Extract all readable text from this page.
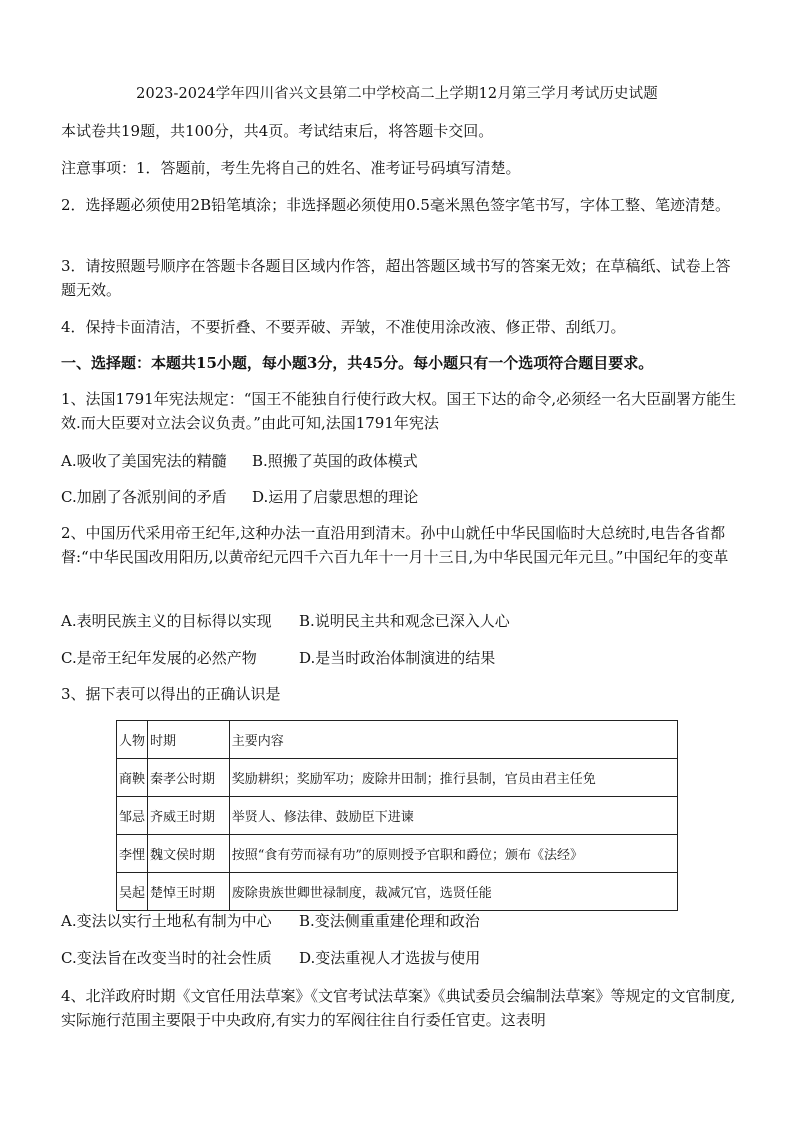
2023-2024学年四川省兴文县第二中学校高二上学期12月第三学月考试历史试题
本试卷共19题，共100分，共4页。考试结束后，将答题卡交回。
注意事项：1．答题前，考生先将自己的姓名、准考证号码填写清楚。
2．选择题必须使用2B铅笔填涂；非选择题必须使用0.5毫米黑色签字笔书写，字体工整、笔迹清楚。
3．请按照题号顺序在答题卡各题目区域内作答，超出答题区域书写的答案无效；在草稿纸、试卷上答题无效。
4．保持卡面清洁，不要折叠、不要弄破、弄皱，不准使用涂改液、修正带、刮纸刀。
一、选择题：本题共15小题，每小题3分，共45分。每小题只有一个选项符合题目要求。
1、法国1791年宪法规定：“国王不能独自行使行政大权。国王下达的命令,必须经一名大臣副署方能生效.而大臣要对立法会议负责。”由此可知,法国1791年宪法
A.吸收了美国宪法的精髓 B.照搬了英国的政体模式
C.加剧了各派别间的矛盾 D.运用了启蒙思想的理论
2、中国历代采用帝王纪年,这种办法一直沿用到清末。孙中山就任中华民国临时大总统时,电告各省都督:“中华民国改用阳历,以黄帝纪元四千六百九年十一月十三日,为中华民国元年元旦。”中国纪年的变革
A.表明民族主义的目标得以实现 B.说明民主共和观念已深入人心
C.是帝王纪年发展的必然产物	D.是当时政治体制演进的结果
3、据下表可以得出的正确认识是
人物	时期	主要内容
商鞅	秦孝公时期	奖励耕织；奖励军功；废除井田制；推行县制，官员由君主任免
邹忌	齐威王时期	举贤人、修法律、鼓励臣下进谏
李悝	魏文侯时期	按照“食有劳而禄有功”的原则授予官职和爵位；颁布《法经》
吴起	楚悼王时期	废除贵族世卿世禄制度，裁减冗官，选贤任能
A.变法以实行土地私有制为中心 B.变法侧重重建伦理和政治
C.变法旨在改变当时的社会性质 D.变法重视人才选拔与使用
4、北洋政府时期《文官任用法草案》《文官考试法草案》《典试委员会编制法草案》等规定的文官制度,实际施行范围主要限于中央政府,有实力的军阀往往自行委任官吏。这表明
